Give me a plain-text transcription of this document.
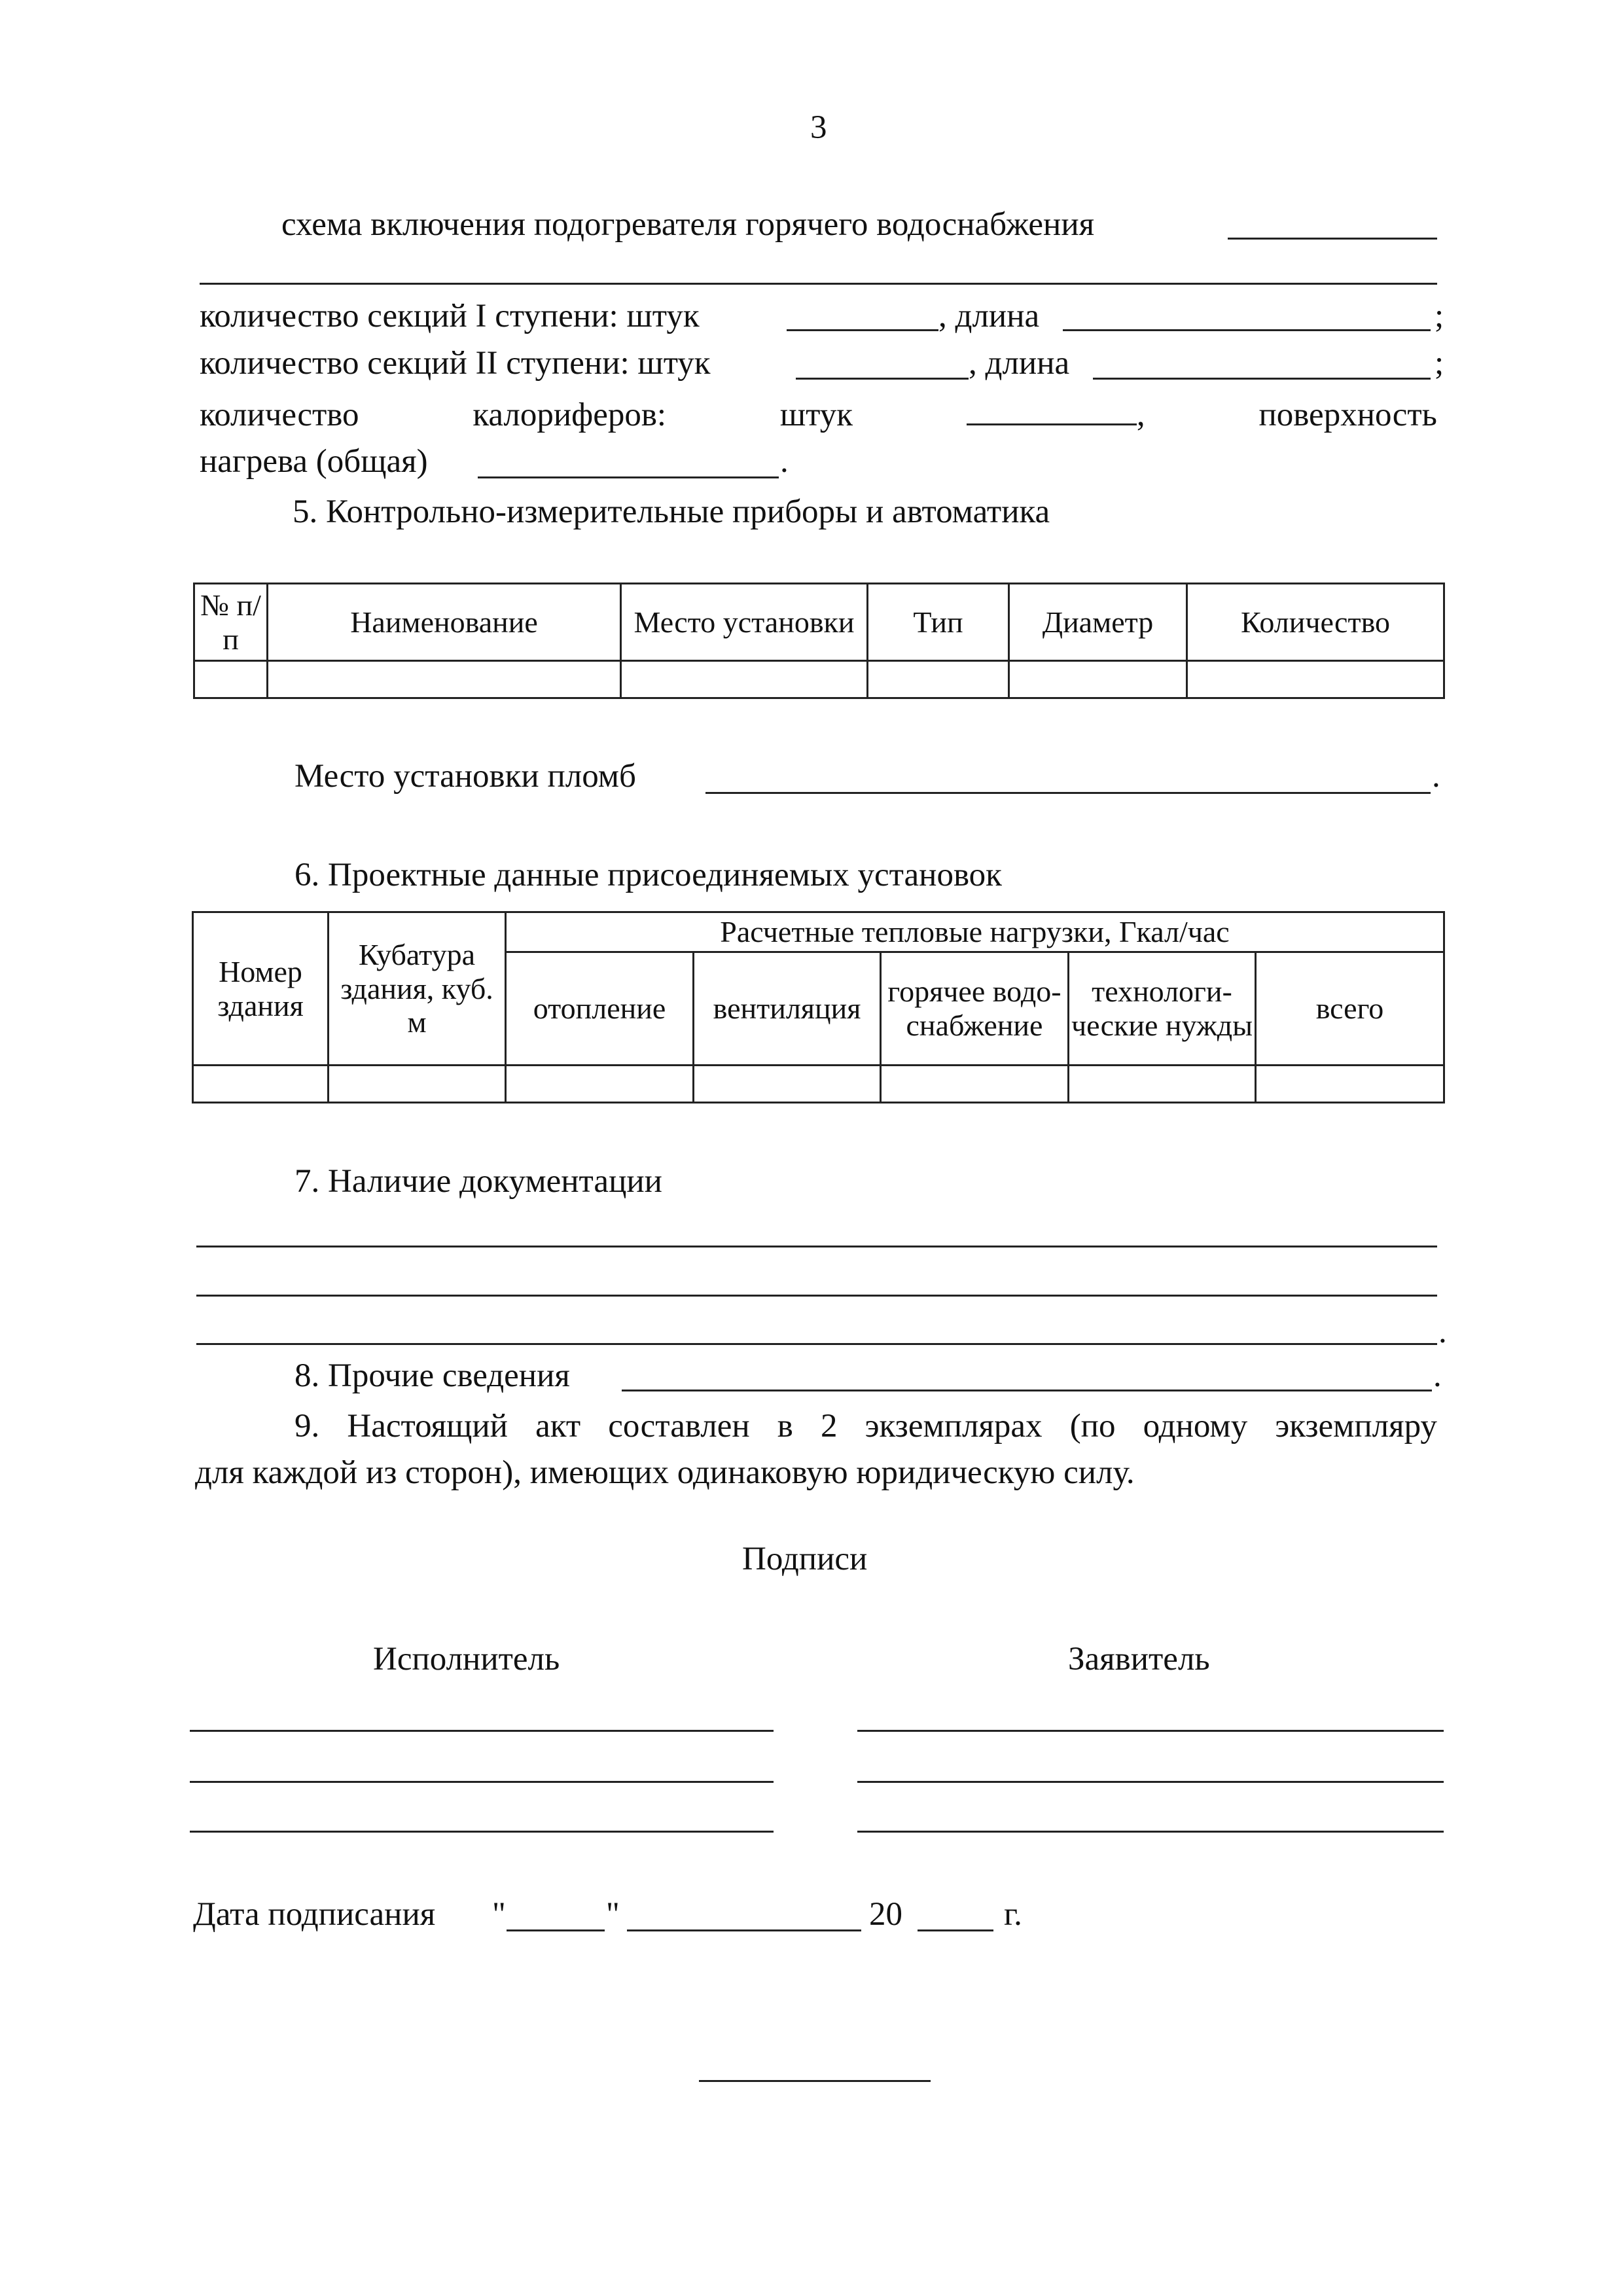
3
схема включения подогревателя горячего водоснабжения
количество секций I ступени: штук	, длина	;
количество секций II ступени: штук	, длина	;
количество	калориферов:	штук	,	поверхность
нагрева (общая)	.
5. Контрольно-измерительные приборы и автоматика
№ п/п	Наименование	Место установки	Тип	Диаметр	Количество

Место установки пломб	.
6. Проектные данные присоединяемых установок
Номер здания	Кубатура здания, куб. м	Расчетные тепловые нагрузки, Гкал/час				
		отопление	вентиляция	горячее водо- снабжение	технологи- ческие нужды	всего

7. Наличие документации
.
8. Прочие сведения	.
9. Настоящий акт составлен в 2 экземплярах (по одному экземпляру
для каждой из сторон), имеющих одинаковую юридическую силу.
Подписи
Исполнитель	Заявитель
Дата подписания "	"	20	г.
